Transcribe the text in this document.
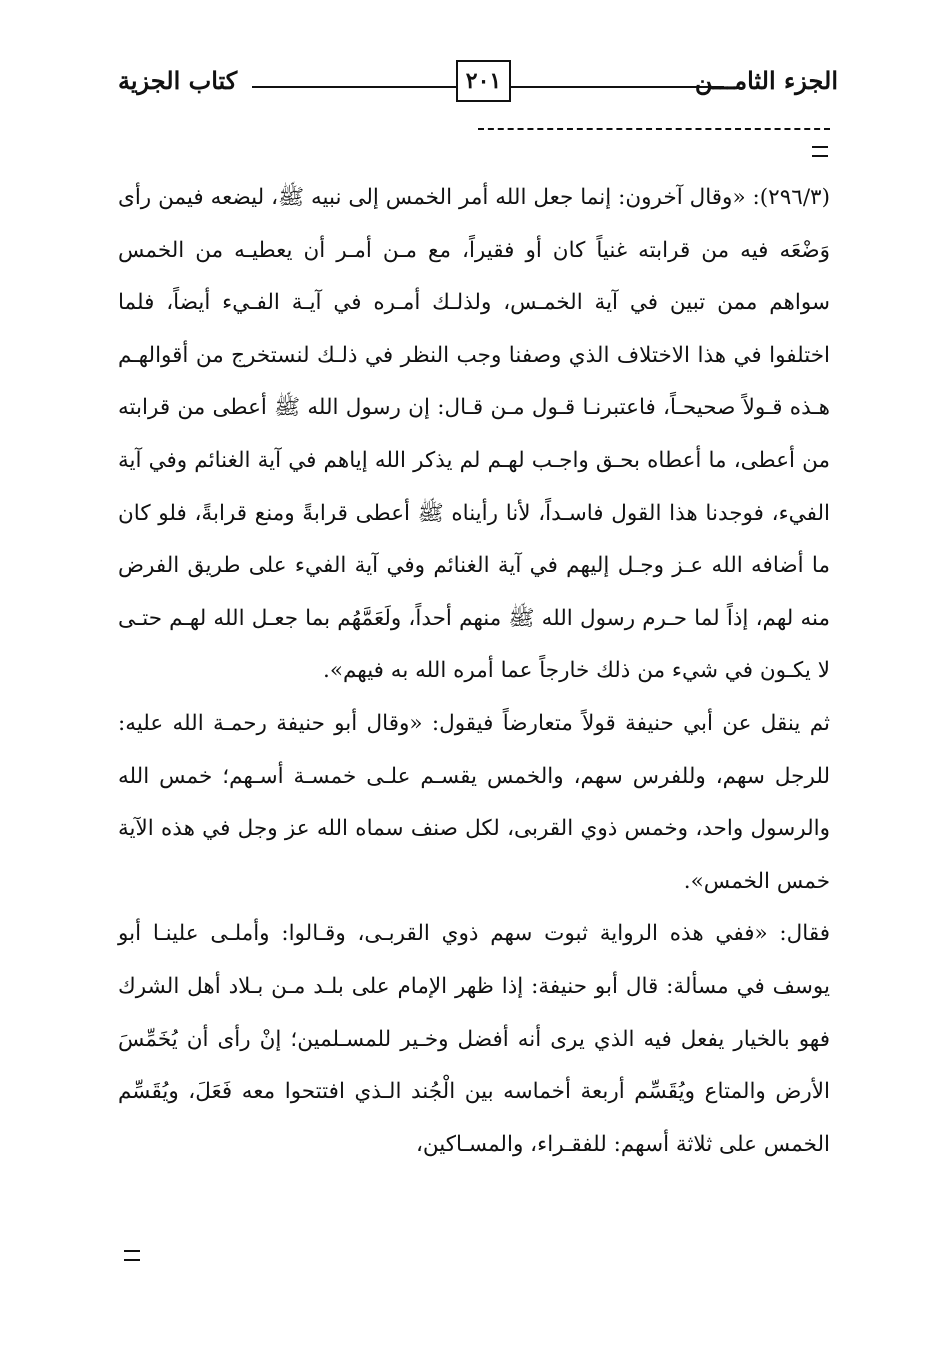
الجزء الثامـــن
٢٠١
كتاب الجزية

(٢٩٦/٣): «وقال آخرون: إنما جعل الله أمر الخمس إلى نبيه ﷺ، ليضعه فيمن رأى وَضْعَه فيه من قرابته غنياً كان أو فقيراً، مع مـن أمـر أن يعطيـه من الخمس سواهم ممن تبين في آية الخمـس، ولذلـك أمـره في آيـة الفـيء أيضاً، فلما اختلفوا في هذا الاختلاف الذي وصفنا وجب النظر في ذلـك لنستخرج من أقوالهـم هـذه قـولاً صحيحـاً، فاعتبرنـا قـول مـن قـال: إن رسول الله ﷺ أعطى من قرابته من أعطى، ما أعطاه بحـق واجـب لهـم لم يذكر الله إياهم في آية الغنائم وفي آية الفيء، فوجدنا هذا القول فاسـداً، لأنا رأيناه ﷺ أعطى قرابةً ومنع قرابةً، فلو كان ما أضافه الله عـز وجـل إليهم في آية الغنائم وفي آية الفيء على طريق الفرض منه لهم، إذاً لما حـرم رسول الله ﷺ منهم أحداً، ولَعَمَّهُم بما جعـل الله لهـم حتـى لا يكـون في شيء من ذلك خارجاً عما أمره الله به فيهم».

ثم ينقل عن أبي حنيفة قولاً متعارضاً فيقول: «وقال أبو حنيفة رحمـة الله عليه: للرجل سهم، وللفرس سهم، والخمس يقسـم علـى خمسـة أسـهم؛ خمس الله والرسول واحد، وخمس ذوي القربى، لكل صنف سماه الله عز وجل في هذه الآية خمس الخمس».

فقال: «ففي هذه الرواية ثبوت سهم ذوي القربـى، وقـالوا: وأملـى علينـا أبو يوسف في مسألة: قال أبو حنيفة: إذا ظهر الإمام على بلـد مـن بـلاد أهل الشرك فهو بالخيار يفعل فيه الذي يرى أنه أفضل وخـير للمسـلمين؛ إنْ رأى أن يُخَمِّسَ الأرض والمتاع ويُقَسِّم أربعة أخماسه بين الْجُند الـذي افتتحوا معه فَعَلَ، ويُقَسِّم الخمس على ثلاثة أسهم: للفقـراء، والمسـاكين،
